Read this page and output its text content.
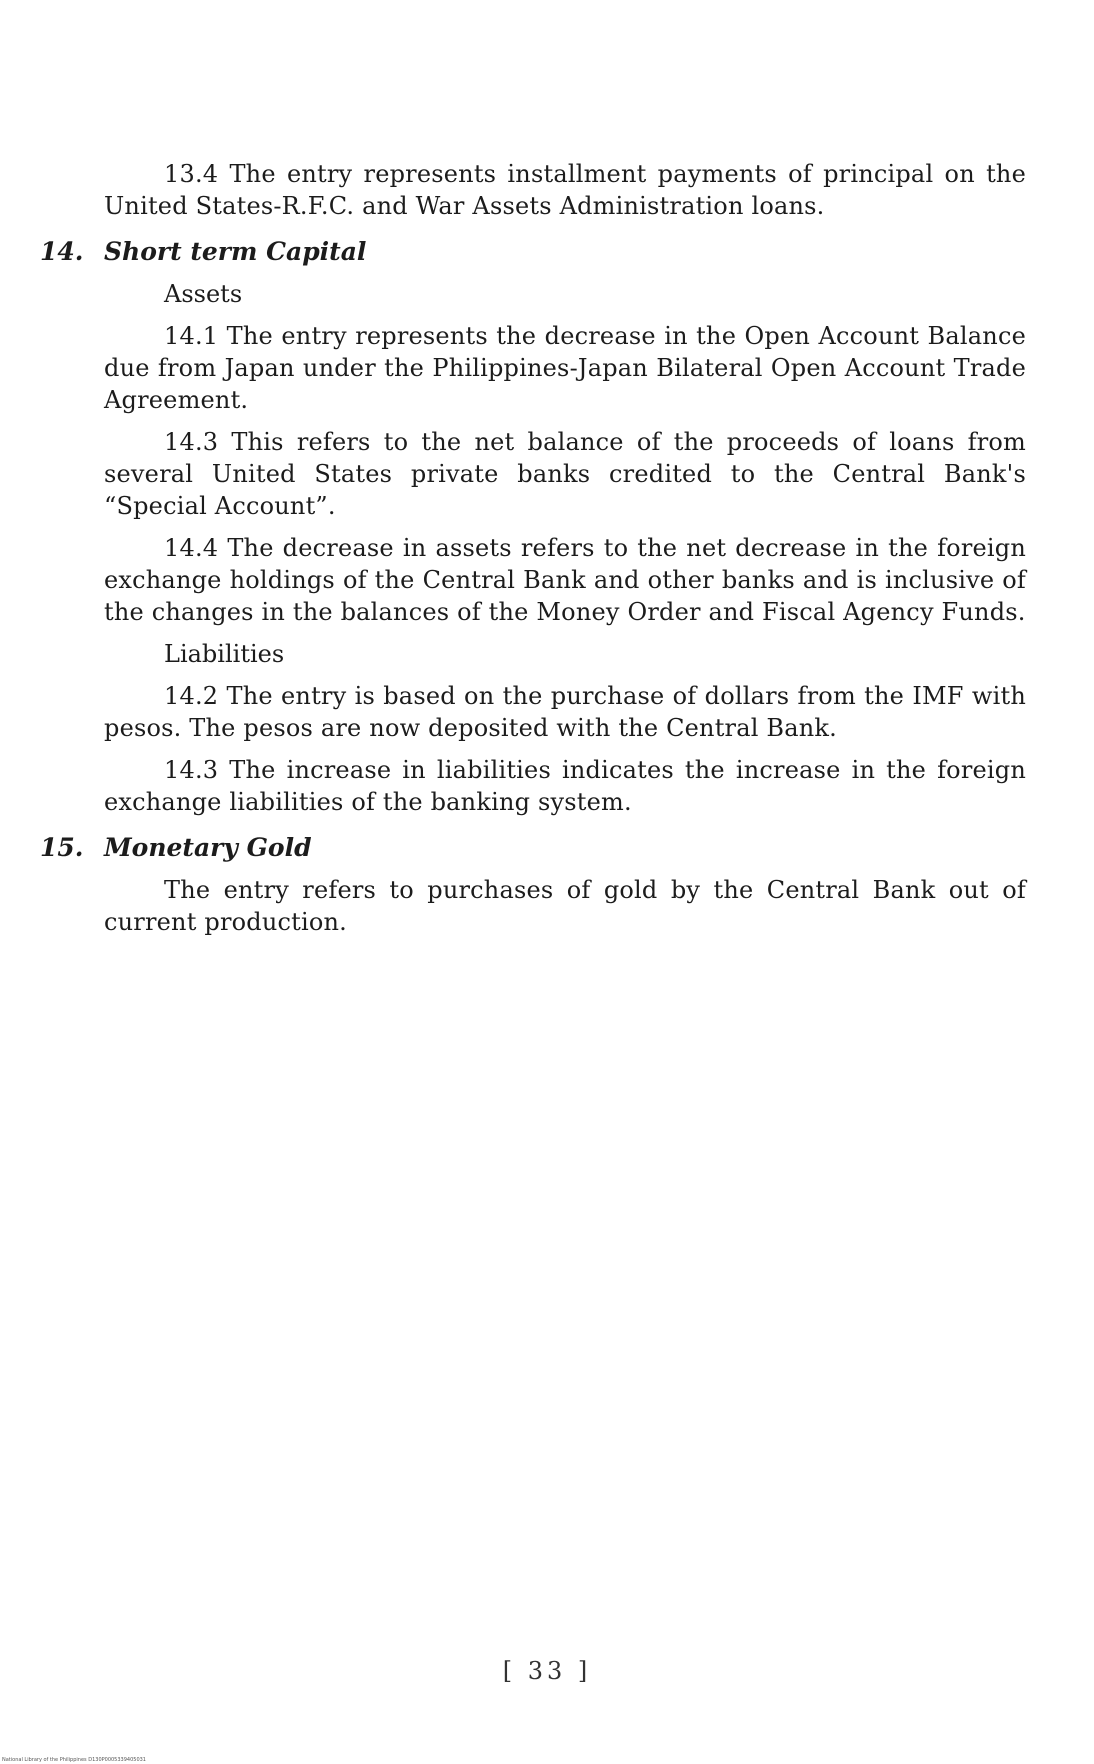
13.4 The entry represents installment payments of principal on the United States-R.F.C. and War Assets Administration loans.

14. Short term Capital

Assets

14.1 The entry represents the decrease in the Open Account Balance due from Japan under the Philippines-Japan Bilateral Open Account Trade Agreement.

14.3 This refers to the net balance of the proceeds of loans from several United States private banks credited to the Central Bank's “Special Account”.

14.4 The decrease in assets refers to the net decrease in the foreign exchange holdings of the Central Bank and other banks and is inclusive of the changes in the balances of the Money Order and Fiscal Agency Funds.

Liabilities

14.2 The entry is based on the purchase of dollars from the IMF with pesos. The pesos are now deposited with the Central Bank.

14.3 The increase in liabilities indicates the increase in the foreign exchange liabilities of the banking system.

15. Monetary Gold

The entry refers to purchases of gold by the Central Bank out of current production.

[ 33 ]
National Library of the Philippines D130P0005339405031
